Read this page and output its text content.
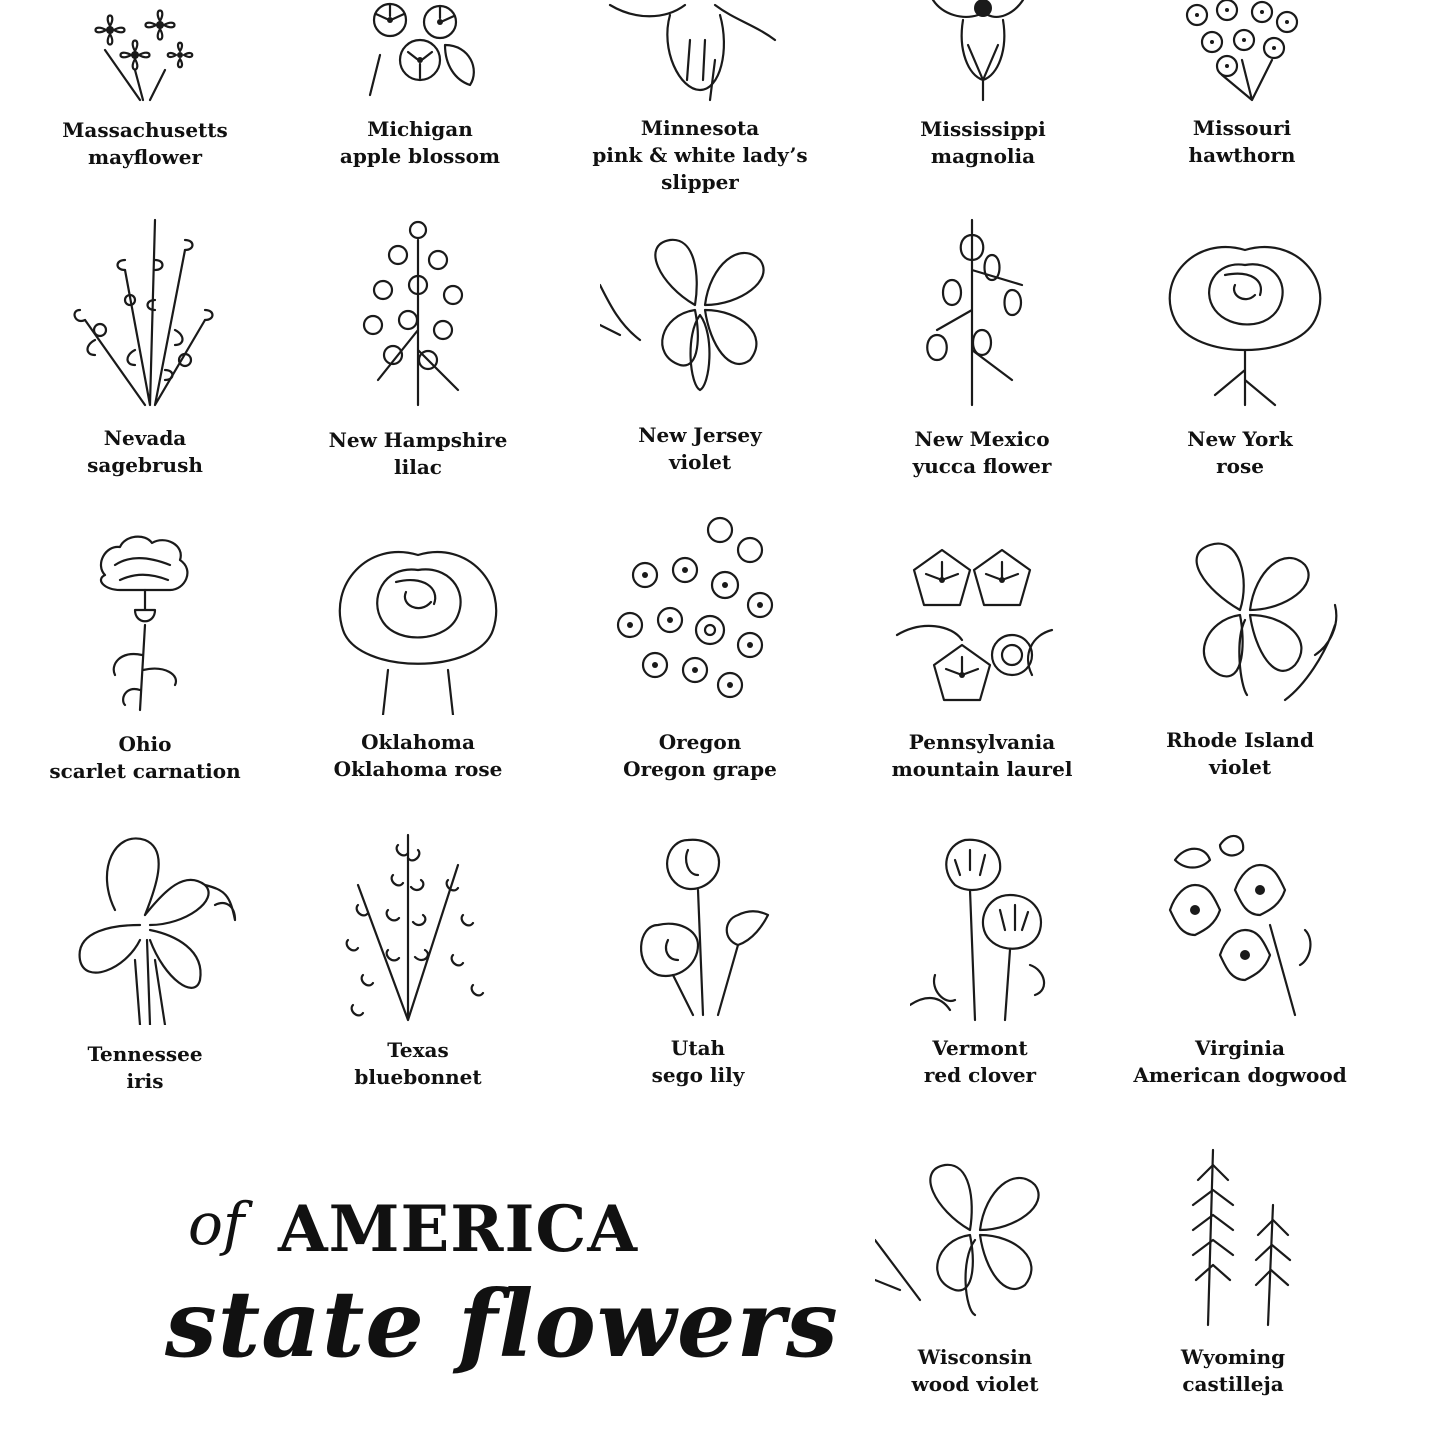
Massachusetts
mayflower
Michigan
apple blossom
Minnesota
pink & white lady’s
slipper
Mississippi
magnolia
Missouri
hawthorn
Nevada
sagebrush
New Hampshire
lilac
New Jersey
violet
New Mexico
yucca flower
New York
rose
Ohio
scarlet carnation
Oklahoma
Oklahoma rose
Oregon
Oregon grape
Pennsylvania
mountain laurel
Rhode Island
violet
Tennessee
iris
Texas
bluebonnet
Utah
sego lily
Vermont
red clover
Virginia
American dogwood
Wisconsin
wood violet
Wyoming
castilleja
of AMERICA
state flowers
